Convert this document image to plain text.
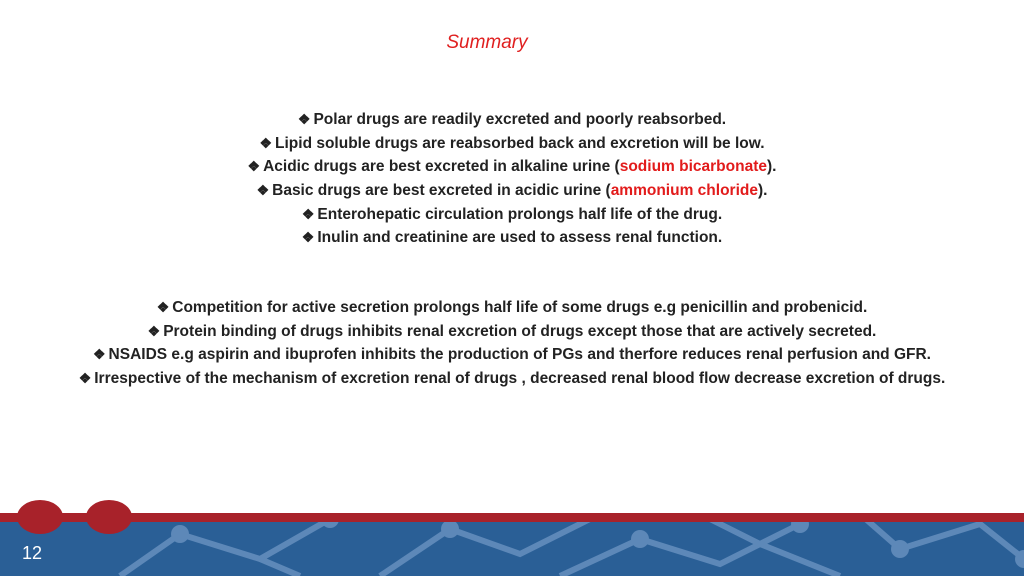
Summary
❖ Polar drugs are readily excreted and poorly reabsorbed.
❖ Lipid soluble drugs are reabsorbed back and excretion will be low.
❖ Acidic drugs are best excreted in alkaline urine (sodium bicarbonate).
❖ Basic drugs are best excreted in acidic urine (ammonium chloride).
❖ Enterohepatic circulation prolongs half life of the drug.
❖ Inulin and creatinine are used to assess renal function.
❖ Competition for active secretion prolongs half life of some drugs e.g penicillin and probenicid.
❖ Protein binding of drugs inhibits renal excretion of drugs except those that are actively secreted.
❖ NSAIDS e.g aspirin and ibuprofen inhibits the production of PGs and therfore reduces renal perfusion and GFR.
❖ Irrespective of the mechanism of excretion renal of drugs , decreased renal blood flow decrease excretion of drugs.
12
